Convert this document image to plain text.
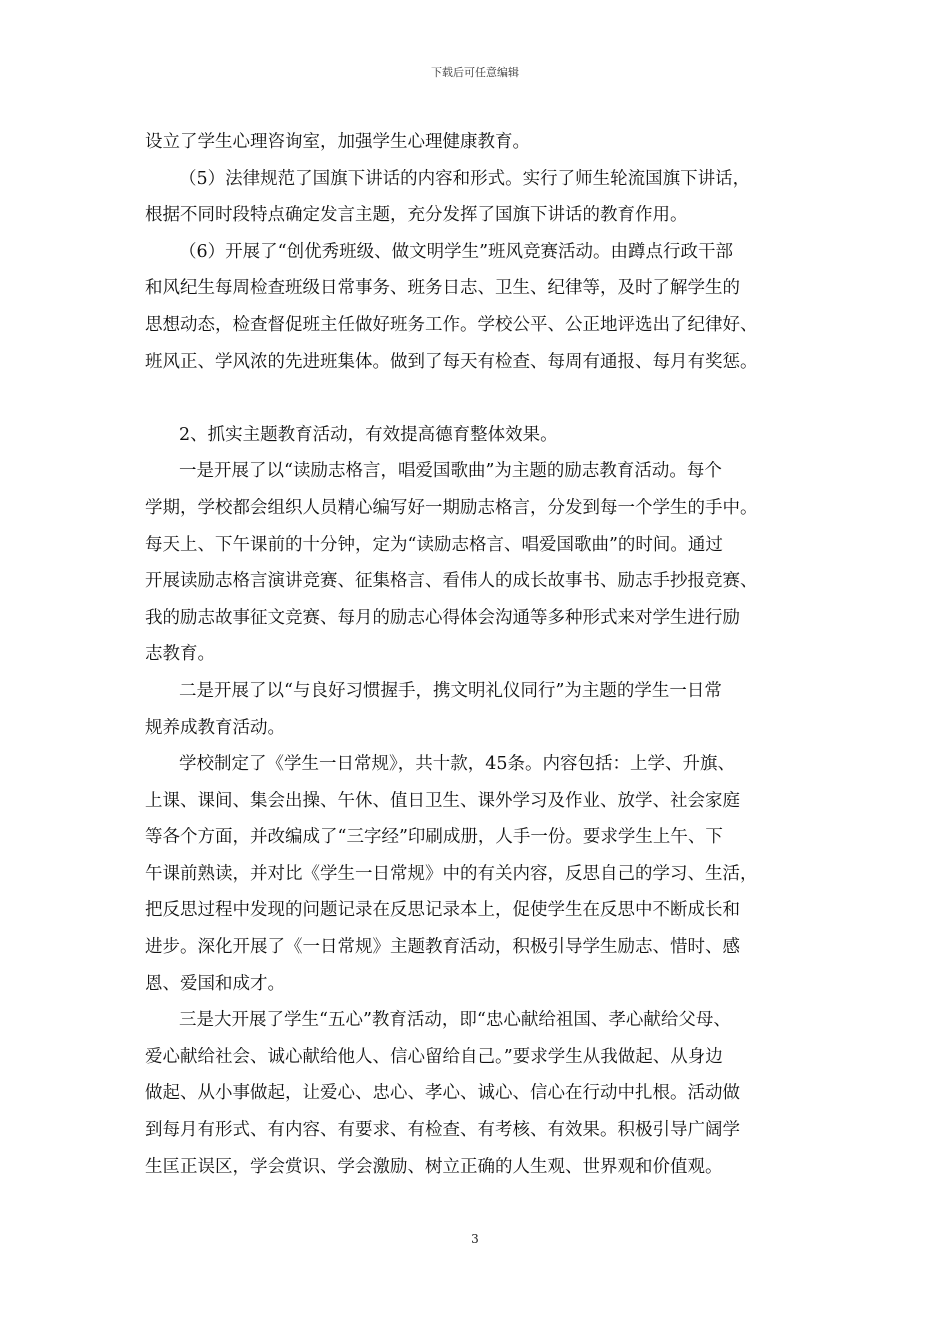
下载后可任意编辑
设立了学生心理咨询室，加强学生心理健康教育。
（5）法律规范了国旗下讲话的内容和形式。实行了师生轮流国旗下讲话，
根据不同时段特点确定发言主题，充分发挥了国旗下讲话的教育作用。
（6）开展了“创优秀班级、做文明学生”班风竞赛活动。由蹲点行政干部
和风纪生每周检查班级日常事务、班务日志、卫生、纪律等，及时了解学生的
思想动态，检查督促班主任做好班务工作。学校公平、公正地评选出了纪律好、
班风正、学风浓的先进班集体。做到了每天有检查、每周有通报、每月有奖惩。
2、抓实主题教育活动，有效提高德育整体效果。
一是开展了以“读励志格言，唱爱国歌曲”为主题的励志教育活动。每个
学期，学校都会组织人员精心编写好一期励志格言，分发到每一个学生的手中。
每天上、下午课前的十分钟，定为“读励志格言、唱爱国歌曲”的时间。通过
开展读励志格言演讲竞赛、征集格言、看伟人的成长故事书、励志手抄报竞赛、
我的励志故事征文竞赛、每月的励志心得体会沟通等多种形式来对学生进行励
志教育。
二是开展了以“与良好习惯握手，携文明礼仪同行”为主题的学生一日常
规养成教育活动。
学校制定了《学生一日常规》，共十款，45条。内容包括：上学、升旗、
上课、课间、集会出操、午休、值日卫生、课外学习及作业、放学、社会家庭
等各个方面，并改编成了“三字经”印刷成册，人手一份。要求学生上午、下
午课前熟读，并对比《学生一日常规》中的有关内容，反思自己的学习、生活，
把反思过程中发现的问题记录在反思记录本上，促使学生在反思中不断成长和
进步。深化开展了《一日常规》主题教育活动，积极引导学生励志、惜时、感
恩、爱国和成才。
三是大开展了学生“五心”教育活动，即“忠心献给祖国、孝心献给父母、
爱心献给社会、诚心献给他人、信心留给自己。”要求学生从我做起、从身边
做起、从小事做起，让爱心、忠心、孝心、诚心、信心在行动中扎根。活动做
到每月有形式、有内容、有要求、有检查、有考核、有效果。积极引导广阔学
生匡正误区，学会赏识、学会激励、树立正确的人生观、世界观和价值观。
3
